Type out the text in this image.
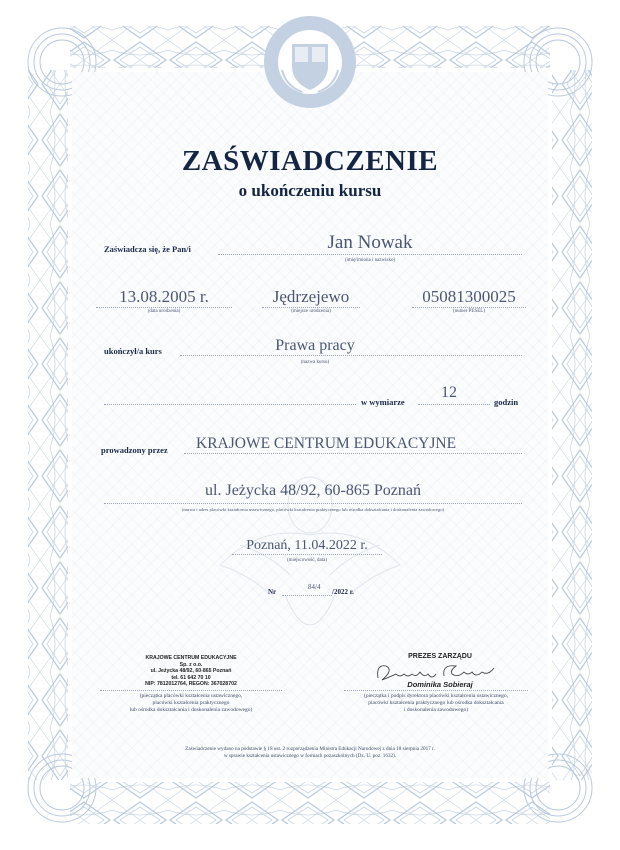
ZAŚWIADCZENIE
o ukończeniu kursu
Zaświadcza się, że Pan/i	Jan Nowak
(imię/imiona i nazwisko)
13.08.2005 r.
(data urodzenia)
Jędrzejewo
(miejsce urodzenia)
05081300025
(numer PESEL)
ukończył/a kurs	Prawa pracy
(nazwa kursu)
w wymiarze
12
godzin
prowadzony przez KRAJOWE CENTRUM EDUKACYJNE
ul. Jeżycka 48/92, 60-865 Poznań
(nazwa i adres placówki kształcenia ustawicznego, placówki kształcenia praktycznego lub ośrodka dokształcania i doskonalenia zawodowego)
Poznań, 11.04.2022 r.
(miejscowość, data)
Nr
84/4
/2022 r.
KRAJOWE CENTRUM EDUKACYJNE
Sp. z o.o.
ul. Jeżycka 48/92, 60-865 Poznań
tel. 61 642 70 10
NIP: 7812012764, REGON: 367028702
(pieczątka placówki kształcenia ustawicznego,
placówki kształcenia praktycznego
lub ośrodka dokształcania i doskonalenia zawodowego)
PREZES ZARZĄDU
Dominika Sobieraj
(pieczątka i podpis dyrektora placówki kształcenia ustawicznego,
placówki kształcenia praktycznego lub ośrodka dokształcania
i doskonalenia zawodowego)
Zaświadczenie wydano na podstawie § 18 ust. 2 rozporządzenia Ministra Edukacji Narodowej z dnia 18 sierpnia 2017 r.
w sprawie kształcenia ustawicznego w formach pozaszkolnych (Dz. U. poz. 1632).
